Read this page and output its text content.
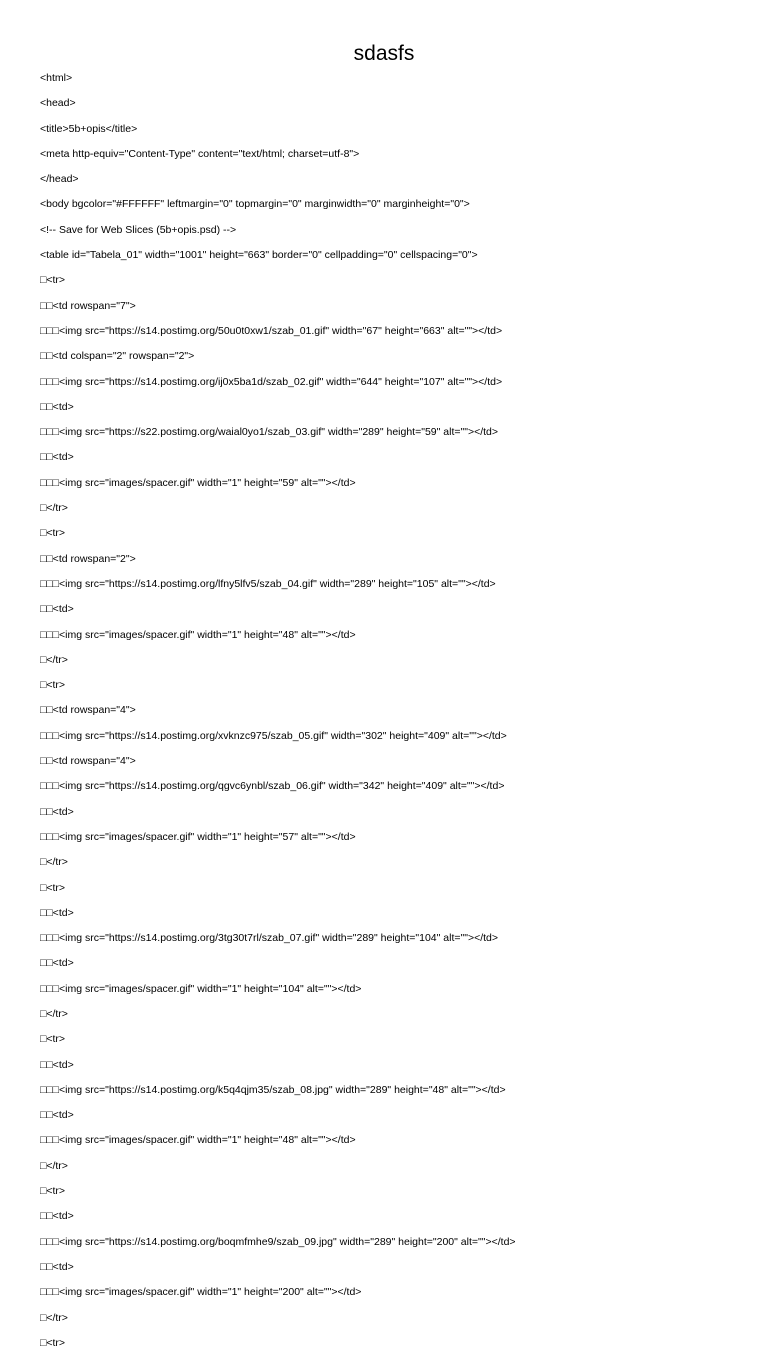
sdasfs
<html>
<head>
<title>5b+opis</title>
<meta http-equiv="Content-Type" content="text/html; charset=utf-8">
</head>
<body bgcolor="#FFFFFF" leftmargin="0" topmargin="0" marginwidth="0" marginheight="0">
<!-- Save for Web Slices (5b+opis.psd) -->
<table id="Tabela_01" width="1001" height="663" border="0" cellpadding="0" cellspacing="0">
□<tr>
□□<td rowspan="7">
□□□<img src="https://s14.postimg.org/50u0t0xw1/szab_01.gif" width="67" height="663" alt=""></td>
□□<td colspan="2" rowspan="2">
□□□<img src="https://s14.postimg.org/ij0x5ba1d/szab_02.gif" width="644" height="107" alt=""></td>
□□<td>
□□□<img src="https://s22.postimg.org/waial0yo1/szab_03.gif" width="289" height="59" alt=""></td>
□□<td>
□□□<img src="images/spacer.gif" width="1" height="59" alt=""></td>
□</tr>
□<tr>
□□<td rowspan="2">
□□□<img src="https://s14.postimg.org/lfny5lfv5/szab_04.gif" width="289" height="105" alt=""></td>
□□<td>
□□□<img src="images/spacer.gif" width="1" height="48" alt=""></td>
□</tr>
□<tr>
□□<td rowspan="4">
□□□<img src="https://s14.postimg.org/xvknzc975/szab_05.gif" width="302" height="409" alt=""></td>
□□<td rowspan="4">
□□□<img src="https://s14.postimg.org/qgvc6ynbl/szab_06.gif" width="342" height="409" alt=""></td>
□□<td>
□□□<img src="images/spacer.gif" width="1" height="57" alt=""></td>
□</tr>
□<tr>
□□<td>
□□□<img src="https://s14.postimg.org/3tg30t7rl/szab_07.gif" width="289" height="104" alt=""></td>
□□<td>
□□□<img src="images/spacer.gif" width="1" height="104" alt=""></td>
□</tr>
□<tr>
□□<td>
□□□<img src="https://s14.postimg.org/k5q4qjm35/szab_08.jpg" width="289" height="48" alt=""></td>
□□<td>
□□□<img src="images/spacer.gif" width="1" height="48" alt=""></td>
□</tr>
□<tr>
□□<td>
□□□<img src="https://s14.postimg.org/boqmfmhe9/szab_09.jpg" width="289" height="200" alt=""></td>
□□<td>
□□□<img src="images/spacer.gif" width="1" height="200" alt=""></td>
□</tr>
□<tr>
